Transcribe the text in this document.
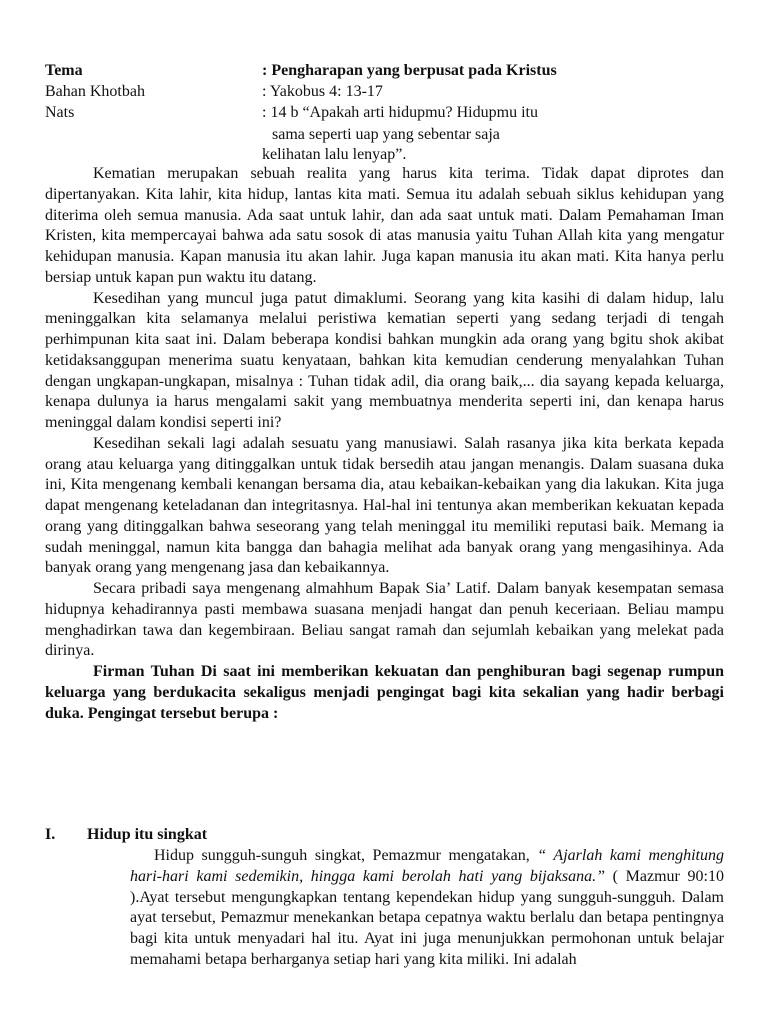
Tema	: Pengharapan yang berpusat pada Kristus
Bahan Khotbah	: Yakobus 4: 13-17
Nats	: 14 b “Apakah arti hidupmu? Hidupmu itu
sama seperti uap yang sebentar saja
kelihatan lalu lenyap”.

Kematian merupakan sebuah realita yang harus kita terima. Tidak dapat diprotes dan dipertanyakan. Kita lahir, kita hidup, lantas kita mati. Semua itu adalah sebuah siklus kehidupan yang diterima oleh semua manusia. Ada saat untuk lahir, dan ada saat untuk mati. Dalam Pemahaman Iman Kristen, kita mempercayai bahwa ada satu sosok di atas manusia yaitu Tuhan Allah kita yang mengatur kehidupan manusia. Kapan manusia itu akan lahir. Juga kapan manusia itu akan mati. Kita hanya perlu bersiap untuk kapan pun waktu itu datang.

Kesedihan yang muncul juga patut dimaklumi. Seorang yang kita kasihi di dalam hidup, lalu meninggalkan kita selamanya melalui peristiwa kematian seperti yang sedang terjadi di tengah perhimpunan kita saat ini. Dalam beberapa kondisi bahkan mungkin ada orang yang bgitu shok akibat ketidaksanggupan menerima suatu kenyataan, bahkan kita kemudian cenderung menyalahkan Tuhan dengan ungkapan-ungkapan, misalnya : Tuhan tidak adil, dia orang baik,... dia sayang kepada keluarga, kenapa dulunya ia harus mengalami sakit yang membuatnya menderita seperti ini, dan kenapa harus meninggal dalam kondisi seperti ini?

Kesedihan sekali lagi adalah sesuatu yang manusiawi. Salah rasanya jika kita berkata kepada orang atau keluarga yang ditinggalkan untuk tidak bersedih atau jangan menangis. Dalam suasana duka ini, Kita mengenang kembali kenangan bersama dia, atau kebaikan-kebaikan yang dia lakukan. Kita juga dapat mengenang keteladanan dan integritasnya. Hal-hal ini tentunya akan memberikan kekuatan kepada orang yang ditinggalkan bahwa seseorang yang telah meninggal itu memiliki reputasi baik. Memang ia sudah meninggal, namun kita bangga dan bahagia melihat ada banyak orang yang mengasihinya. Ada banyak orang yang mengenang jasa dan kebaikannya.

Secara pribadi saya mengenang almahhum Bapak Sia’ Latif. Dalam banyak kesempatan semasa hidupnya kehadirannya pasti membawa suasana menjadi hangat dan penuh keceriaan. Beliau mampu menghadirkan tawa dan kegembiraan. Beliau sangat ramah dan sejumlah kebaikan yang melekat pada dirinya.

Firman Tuhan Di saat ini memberikan kekuatan dan penghiburan bagi segenap rumpun keluarga yang berdukacita sekaligus menjadi pengingat bagi kita sekalian yang hadir berbagi duka. Pengingat tersebut berupa :

I. Hidup itu singkat

Hidup sungguh-sunguh singkat, Pemazmur mengatakan, “ Ajarlah kami menghitung hari-hari kami sedemikin, hingga kami berolah hati yang bijaksana.” ( Mazmur 90:10 ).Ayat tersebut mengungkapkan tentang kependekan hidup yang sungguh-sungguh. Dalam ayat tersebut, Pemazmur menekankan betapa cepatnya waktu berlalu dan betapa pentingnya bagi kita untuk menyadari hal itu. Ayat ini juga menunjukkan permohonan untuk belajar memahami betapa berharganya setiap hari yang kita miliki. Ini adalah
